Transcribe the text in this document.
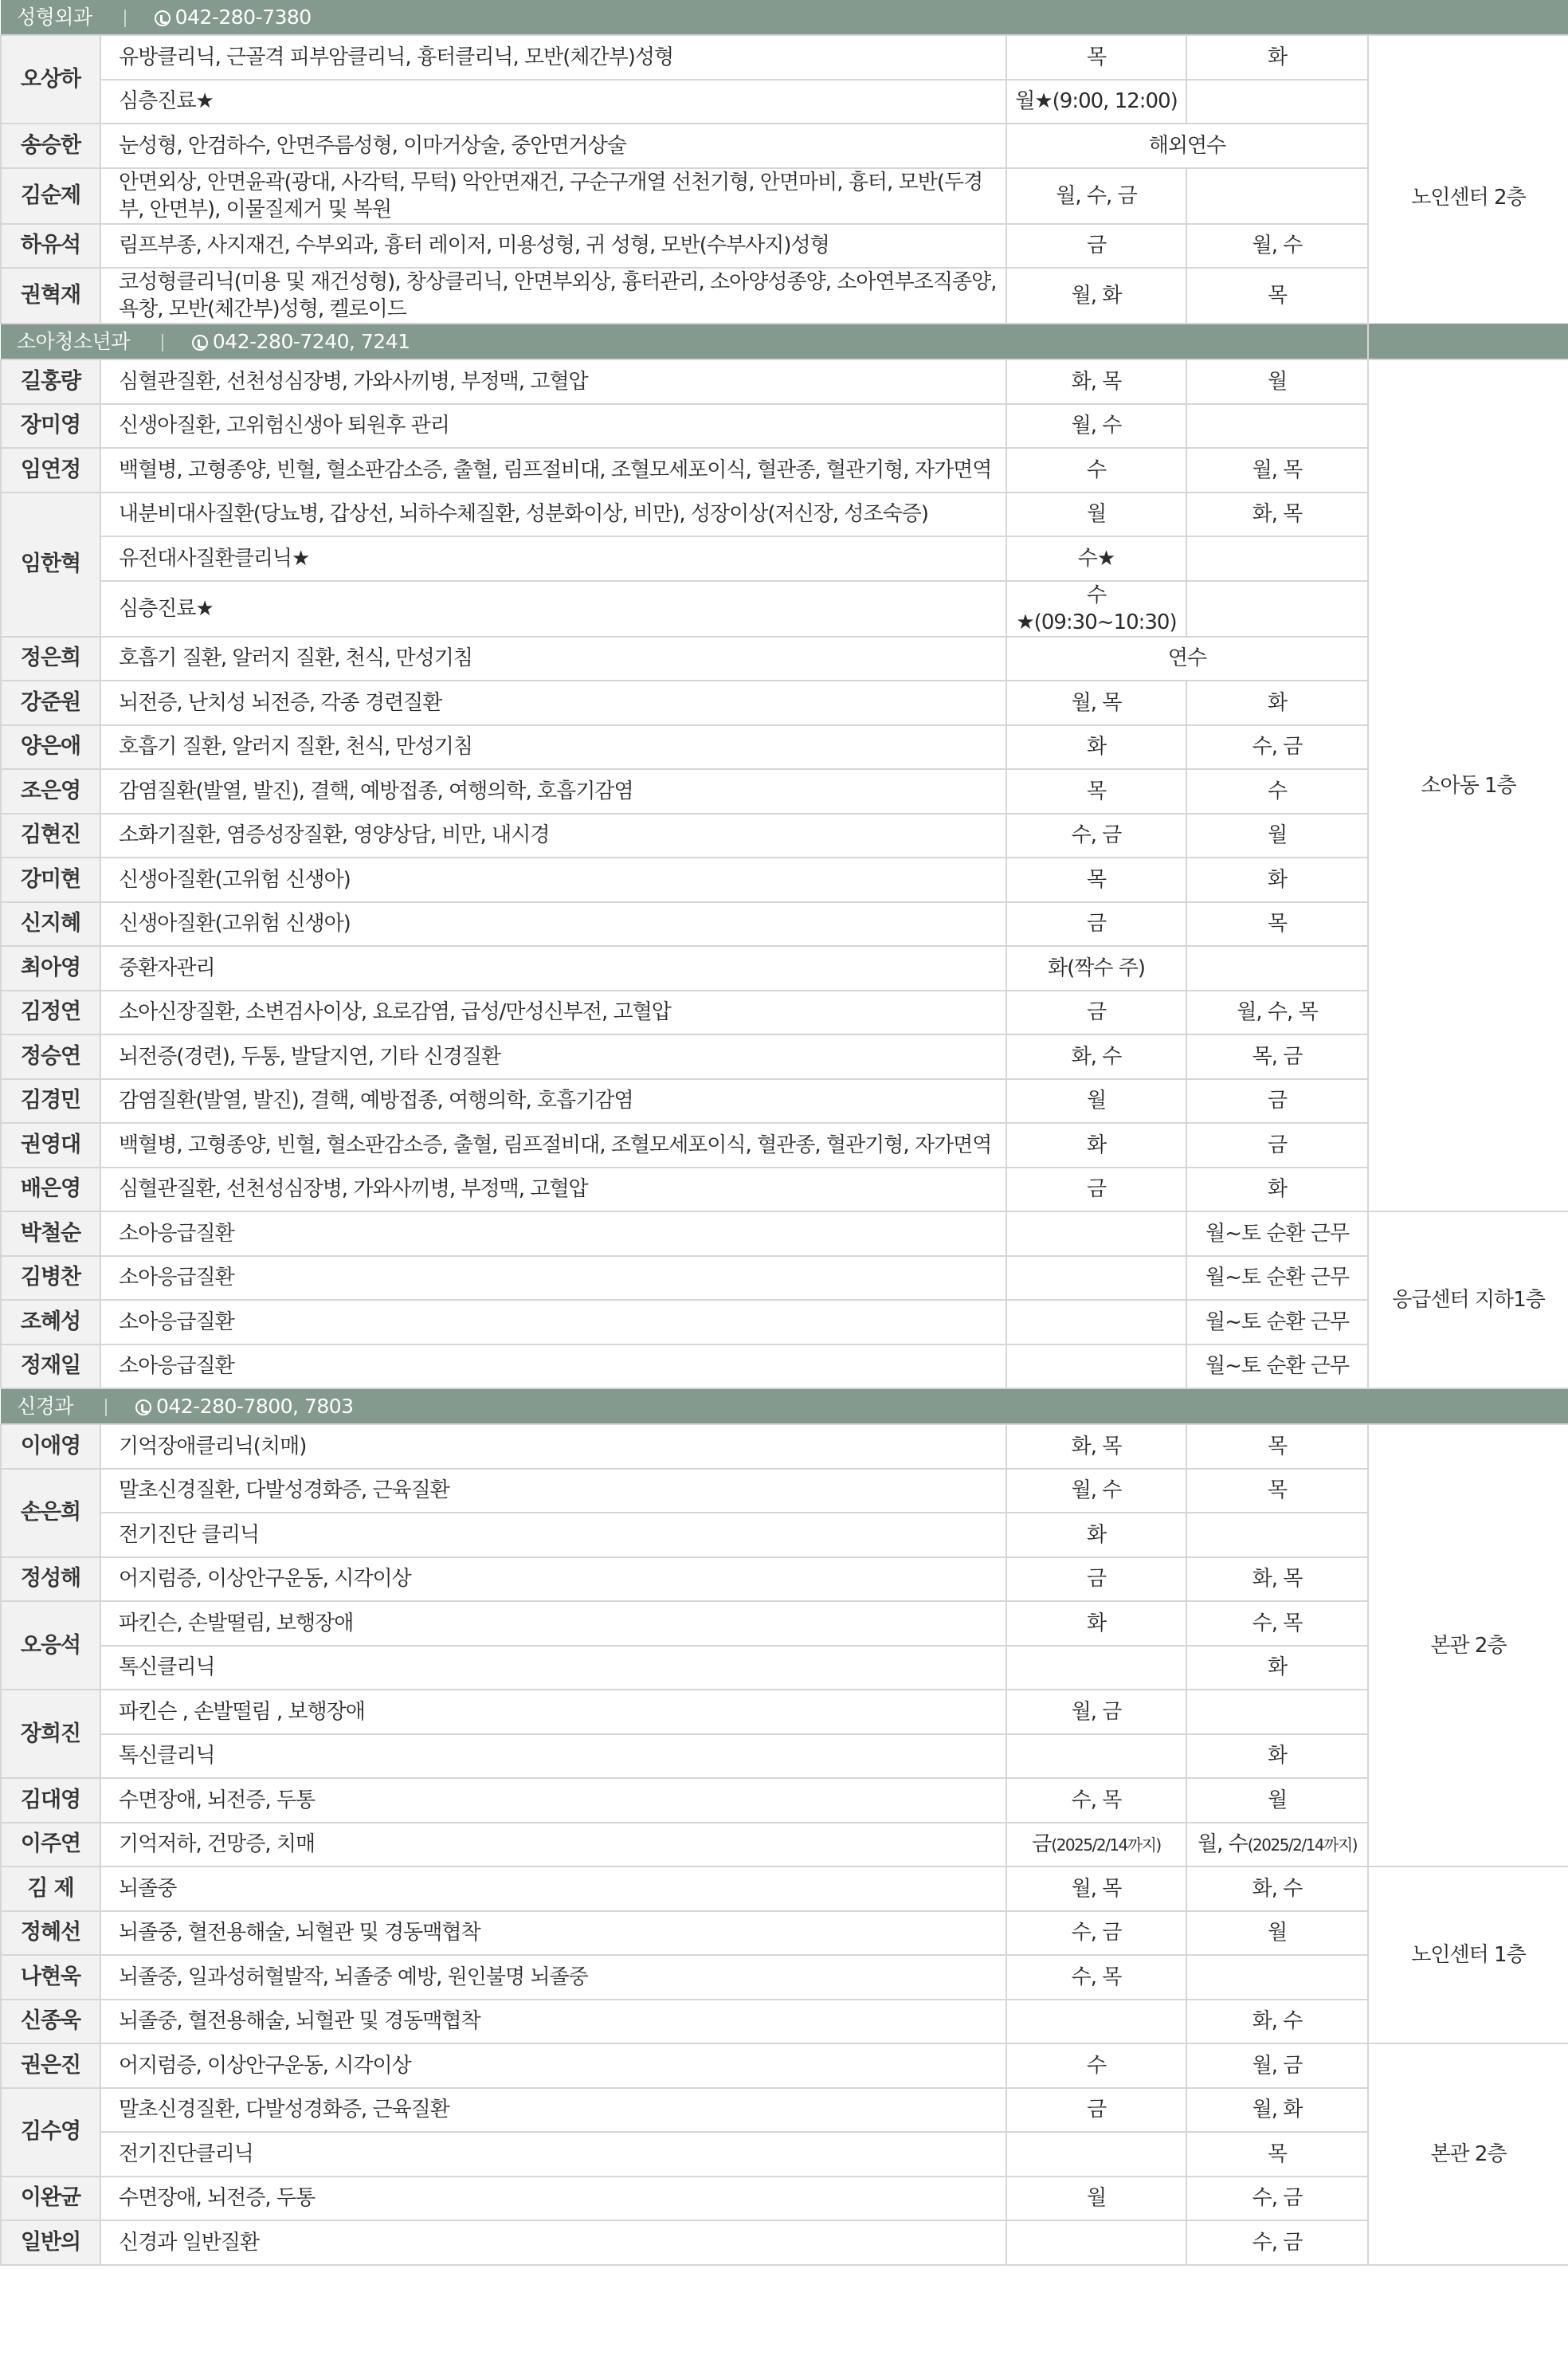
성형외과 042-280-7380				
오상하	유방클리닉, 근골격 피부암클리닉, 흉터클리닉, 모반(체간부)성형	목	화	노인센터 2층
	심층진료★	월★(9:00, 12:00)		
송승한	눈성형, 안검하수, 안면주름성형, 이마거상술, 중안면거상술	해외연수		
김순제	안면외상, 안면윤곽(광대, 사각턱, 무턱) 악안면재건, 구순구개열 선천기형, 안면마비, 흉터, 모반(두경부, 안면부), 이물질제거 및 복원	월, 수, 금		
하유석	림프부종, 사지재건, 수부외과, 흉터 레이저, 미용성형, 귀 성형, 모반(수부사지)성형	금	월, 수	
권혁재	코성형클리닉(미용 및 재건성형), 창상클리닉, 안면부외상, 흉터관리, 소아양성종양, 소아연부조직종양,욕창, 모반(체간부)성형, 켈로이드	월, 화	목	
소아청소년과 042-280-7240, 7241				
길홍량	심혈관질환, 선천성심장병, 가와사끼병, 부정맥, 고혈압	화, 목	월	소아동 1층
장미영	신생아질환, 고위험신생아 퇴원후 관리	월, 수		
임연정	백혈병, 고형종양, 빈혈, 혈소판감소증, 출혈, 림프절비대, 조혈모세포이식, 혈관종, 혈관기형, 자가면역	수	월, 목	
임한혁	내분비대사질환(당뇨병, 갑상선, 뇌하수체질환, 성분화이상, 비만), 성장이상(저신장, 성조숙증)	월	화, 목	
	유전대사질환클리닉★	수★		
	심층진료★	수★(09:30~10:30)		
정은희	호흡기 질환, 알러지 질환, 천식, 만성기침	연수		
강준원	뇌전증, 난치성 뇌전증, 각종 경련질환	월, 목	화	
양은애	호흡기 질환, 알러지 질환, 천식, 만성기침	화	수, 금	
조은영	감염질환(발열, 발진), 결핵, 예방접종, 여행의학, 호흡기감염	목	수	
김현진	소화기질환, 염증성장질환, 영양상담, 비만, 내시경	수, 금	월	
강미현	신생아질환(고위험 신생아)	목	화	
신지혜	신생아질환(고위험 신생아)	금	목	
최아영	중환자관리	화(짝수 주)		
김정연	소아신장질환, 소변검사이상, 요로감염, 급성/만성신부전, 고혈압	금	월, 수, 목	
정승연	뇌전증(경련), 두통, 발달지연, 기타 신경질환	화, 수	목, 금	
김경민	감염질환(발열, 발진), 결핵, 예방접종, 여행의학, 호흡기감염	월	금	
권영대	백혈병, 고형종양, 빈혈, 혈소판감소증, 출혈, 림프절비대, 조혈모세포이식, 혈관종, 혈관기형, 자가면역	화	금	
배은영	심혈관질환, 선천성심장병, 가와사끼병, 부정맥, 고혈압	금	화	
박철순	소아응급질환		월~토 순환 근무	응급센터 지하1층
김병찬	소아응급질환		월~토 순환 근무	
조혜성	소아응급질환		월~토 순환 근무	
정재일	소아응급질환		월~토 순환 근무	
신경과 042-280-7800, 7803				
이애영	기억장애클리닉(치매)	화, 목	목	본관 2층
손은희	말초신경질환, 다발성경화증, 근육질환	월, 수	목	
	전기진단 클리닉	화		
정성해	어지럼증, 이상안구운동, 시각이상	금	화, 목	
오응석	파킨슨, 손발떨림, 보행장애	화	수, 목	
	톡신클리닉		화	
장희진	파킨슨 , 손발떨림 , 보행장애	월, 금		
	톡신클리닉		화	
김대영	수면장애, 뇌전증, 두통	수, 목	월	
이주연	기억저하, 건망증, 치매	금(2025/2/14까지)	월, 수(2025/2/14까지)	
김 제	뇌졸중	월, 목	화, 수	노인센터 1층
정혜선	뇌졸중, 혈전용해술, 뇌혈관 및 경동맥협착	수, 금	월	
나현욱	뇌졸중, 일과성허혈발작, 뇌졸중 예방, 원인불명 뇌졸중	수, 목		
신종욱	뇌졸중, 혈전용해술, 뇌혈관 및 경동맥협착		화, 수	
권은진	어지럼증, 이상안구운동, 시각이상	수	월, 금	본관 2층
김수영	말초신경질환, 다발성경화증, 근육질환	금	월, 화	
	전기진단클리닉		목	
이완균	수면장애, 뇌전증, 두통	월	수, 금	
일반의	신경과 일반질환		수, 금	
